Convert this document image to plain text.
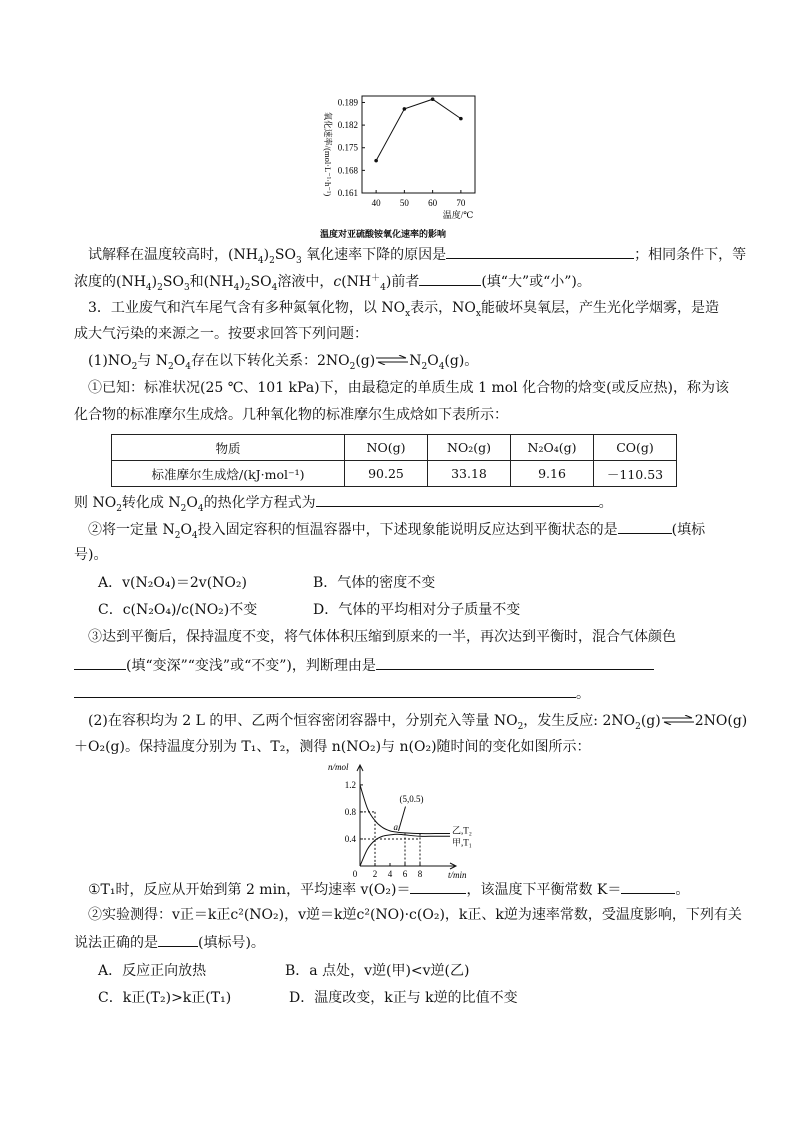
氧化速率/(mol·L⁻¹·h⁻¹)
0.189
0.182
0.175
0.168
0.161
40 50 60 70
温度/℃
温度对亚硫酸铵氧化速率的影响
试解释在温度较高时，$(NH_4)_2SO_3$ 氧化速率下降的原因是	；相同条件下，等
浓度的$(NH_4)_2SO_3$和$(NH_4)_2SO_4$溶液中，$c(NH^+_4)$前者	(填“大”或“小”)。
3．工业废气和汽车尾气含有多种氮氧化物，以 $NO_x$表示，$NO_x$能破坏臭氧层，产生光化学烟雾，是造
成大气污染的来源之一。按要求回答下列问题：
$(1)NO_2$与 $N_2O_4$存在以下转化关系：$2NO_2(g)\rightleftharpoons N_2O_4(g)$。
①已知：标准状况(25 ℃、101 kPa)下，由最稳定的单质生成 1 mol 化合物的焓变(或反应热)，称为该
化合物的标准摩尔生成焓。几种氧化物的标准摩尔生成焓如下表所示：
物质	NO(g)	NO₂(g)	N₂O₄(g)	CO(g)
标准摩尔生成焓/(kJ·mol⁻¹)	90.25	33.18	9.16	－110.53
则 $NO_2$转化成 $N_2O_4$的热化学方程式为	。
②将一定量 $N_2O_4$投入固定容积的恒温容器中，下述现象能说明反应达到平衡状态的是	(填标
号)。
A．v(N₂O₄)＝2v(NO₂)	B．气体的密度不变
C．c(N₂O₄)/c(NO₂)不变	D．气体的平均相对分子质量不变
③达到平衡后，保持温度不变，将气体体积压缩到原来的一半，再次达到平衡时，混合气体颜色
(填“变深”“变浅”或“不变”)，判断理由是
。
(2)在容积均为 2 L 的甲、乙两个恒容密闭容器中，分别充入等量 $NO_2$，发生反应: $2NO_2(g)\rightleftharpoons 2NO(g)$
＋O₂(g)。保持温度分别为 T₁、T₂，测得 n(NO₂)与 n(O₂)随时间的变化如图所示：
n/mol
t/min
1.2
0.8
0.4
0 2 4 6 8
a
(5,0.5)
乙,T₂
甲,T₁
①T₁时，反应从开始到第 2 min，平均速率 v(O₂)＝	，该温度下平衡常数 K＝	。
②实验测得：v正＝k正c²(NO₂)，v逆＝k逆c²(NO)·c(O₂)，k正、k逆为速率常数，受温度影响，下列有关
说法正确的是	(填标号)。
A．反应正向放热	B．a 点处，v逆(甲)<v逆(乙)
C．k正(T₂)>k正(T₁)	D．温度改变，k正与 k逆的比值不变
